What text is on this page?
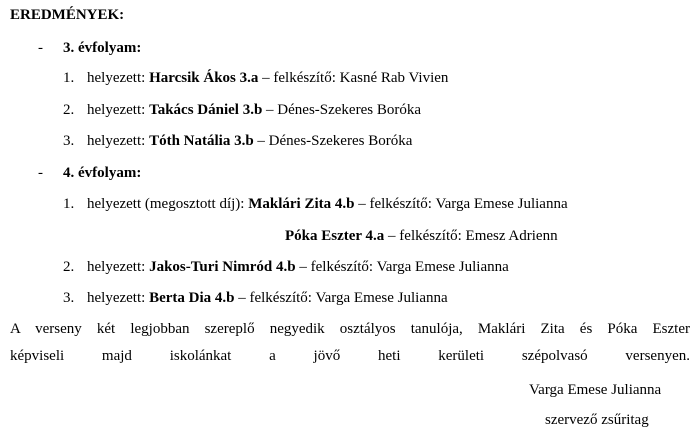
EREDMÉNYEK:
- 3. évfolyam:
1. helyezett: Harcsik Ákos 3.a – felkészítő: Kasné Rab Vivien
2. helyezett: Takács Dániel 3.b – Dénes-Szekeres Boróka
3. helyezett: Tóth Natália 3.b – Dénes-Szekeres Boróka
- 4. évfolyam:
1. helyezett (megosztott díj): Maklári Zita 4.b – felkészítő: Varga Emese Julianna
Póka Eszter 4.a – felkészítő: Emesz Adrienn
2. helyezett: Jakos-Turi Nimród 4.b – felkészítő: Varga Emese Julianna
3. helyezett: Berta Dia 4.b – felkészítő: Varga Emese Julianna
A verseny két legjobban szereplő negyedik osztályos tanulója, Maklári Zita és Póka Eszter
képviseli majd iskolánkat a jövő heti kerületi szépolvasó versenyen.
Varga Emese Julianna
szervező zsűritag
